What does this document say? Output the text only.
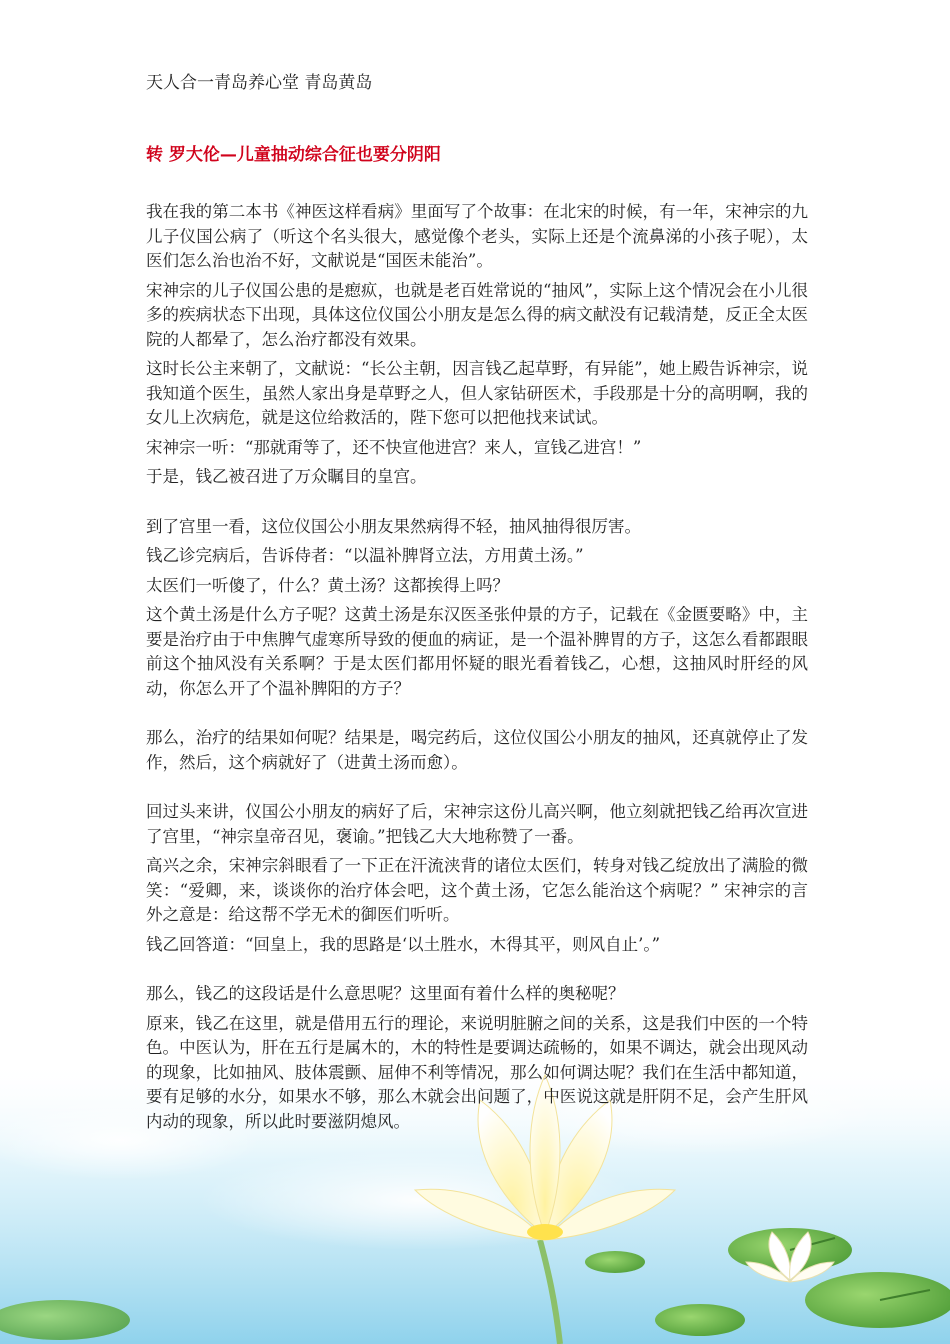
天人合一青岛养心堂 青岛黄岛
转 罗大伦—儿童抽动综合征也要分阴阳

我在我的第二本书《神医这样看病》里面写了个故事：在北宋的时候，有一年，宋神宗的九儿子仪国公病了（听这个名头很大，感觉像个老头，实际上还是个流鼻涕的小孩子呢），太医们怎么治也治不好，文献说是“国医未能治”。

宋神宗的儿子仪国公患的是瘛疭，也就是老百姓常说的“抽风”，实际上这个情况会在小儿很多的疾病状态下出现，具体这位仪国公小朋友是怎么得的病文献没有记载清楚，反正全太医院的人都晕了，怎么治疗都没有效果。

这时长公主来朝了，文献说：“长公主朝，因言钱乙起草野，有异能”，她上殿告诉神宗，说我知道个医生，虽然人家出身是草野之人，但人家钻研医术，手段那是十分的高明啊，我的女儿上次病危，就是这位给救活的，陛下您可以把他找来试试。

宋神宗一听：“那就甭等了，还不快宣他进宫？来人，宣钱乙进宫！”

于是，钱乙被召进了万众瞩目的皇宫。

到了宫里一看，这位仪国公小朋友果然病得不轻，抽风抽得很厉害。

钱乙诊完病后，告诉侍者：“以温补脾肾立法，方用黄土汤。”

太医们一听傻了，什么？黄土汤？这都挨得上吗？

这个黄土汤是什么方子呢？这黄土汤是东汉医圣张仲景的方子，记载在《金匮要略》中，主要是治疗由于中焦脾气虚寒所导致的便血的病证，是一个温补脾胃的方子，这怎么看都跟眼前这个抽风没有关系啊？于是太医们都用怀疑的眼光看着钱乙，心想，这抽风时肝经的风动，你怎么开了个温补脾阳的方子？

那么，治疗的结果如何呢？结果是，喝完药后，这位仪国公小朋友的抽风，还真就停止了发作，然后，这个病就好了（进黄土汤而愈）。

回过头来讲，仪国公小朋友的病好了后，宋神宗这份儿高兴啊，他立刻就把钱乙给再次宣进了宫里，“神宗皇帝召见，褒谕。”把钱乙大大地称赞了一番。

高兴之余，宋神宗斜眼看了一下正在汗流浃背的诸位太医们，转身对钱乙绽放出了满脸的微笑：“爱卿，来，谈谈你的治疗体会吧，这个黄土汤，它怎么能治这个病呢？” 宋神宗的言外之意是：给这帮不学无术的御医们听听。

钱乙回答道：“回皇上，我的思路是‘以土胜水，木得其平，则风自止’。”

那么，钱乙的这段话是什么意思呢？这里面有着什么样的奥秘呢？

原来，钱乙在这里，就是借用五行的理论，来说明脏腑之间的关系，这是我们中医的一个特色。中医认为，肝在五行是属木的，木的特性是要调达疏畅的，如果不调达，就会出现风动的现象，比如抽风、肢体震颤、屈伸不利等情况，那么如何调达呢？我们在生活中都知道，要有足够的水分，如果水不够，那么木就会出问题了，中医说这就是肝阴不足，会产生肝风内动的现象，所以此时要滋阴熄风。
